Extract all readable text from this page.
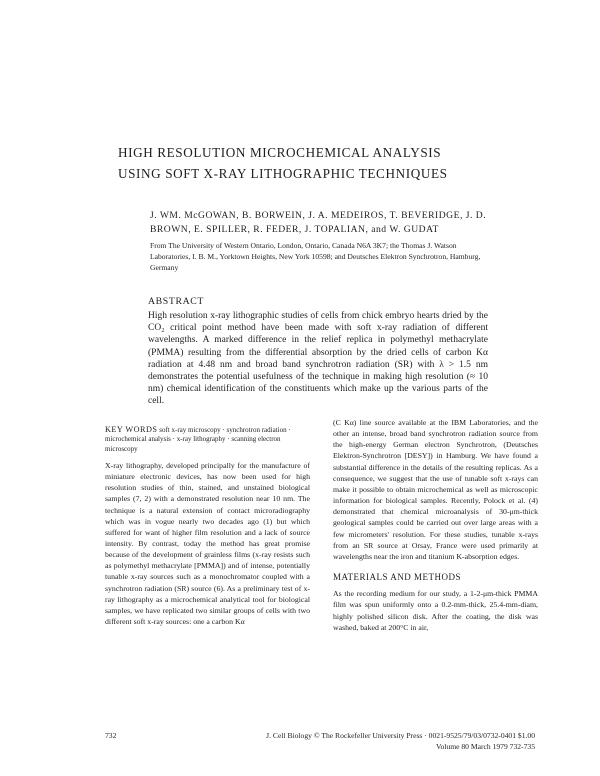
HIGH RESOLUTION MICROCHEMICAL ANALYSIS
USING SOFT X-RAY LITHOGRAPHIC TECHNIQUES
J. WM. McGOWAN, B. BORWEIN, J. A. MEDEIROS, T. BEVERIDGE, J. D. BROWN, E. SPILLER, R. FEDER, J. TOPALIAN, and W. GUDAT
From The University of Western Ontario, London, Ontario, Canada N6A 3K7; the Thomas J. Watson Laboratories, I. B. M., Yorktown Heights, New York 10598; and Deutsches Elektron Synchrotron, Hamburg, Germany
ABSTRACT
High resolution x-ray lithographic studies of cells from chick embryo hearts dried by the CO₂ critical point method have been made with soft x-ray radiation of different wavelengths. A marked difference in the relief replica in polymethyl methacrylate (PMMA) resulting from the differential absorption by the dried cells of carbon Kα radiation at 4.48 nm and broad band synchrotron radiation (SR) with λ > 1.5 nm demonstrates the potential usefulness of the technique in making high resolution (≈ 10 nm) chemical identification of the constituents which make up the various parts of the cell.
KEY WORDS soft x-ray microscopy · synchrotron radiation · microchemical analysis · x-ray lithography · scanning electron microscopy

X-ray lithography, developed principally for the manufacture of miniature electronic devices, has now been used for high resolution studies of thin, stained, and unstained biological samples (7, 2) with a demonstrated resolution near 10 nm. The technique is a natural extension of contact microradiography which was in vogue nearly two decades ago (1) but which suffered for want of higher film resolution and a lack of source intensity. By contrast, today the method has great promise because of the development of grainless films (x-ray resists such as polymethyl methacrylate [PMMA]) and of intense, potentially tunable x-ray sources such as a monochromator coupled with a synchrotron radiation (SR) source (6). As a preliminary test of x-ray lithography as a microchemical analytical tool for biological samples, we have replicated two similar groups of cells with two different soft x-ray sources: one a carbon Kα

(C Kα) line source available at the IBM Laboratories, and the other an intense, broad band synchrotron radiation source from the high-energy German electron Synchrotron, (Deutsches Elektron-Synchrotron [DESY]) in Hamburg. We have found a substantial difference in the details of the resulting replicas. As a consequence, we suggest that the use of tunable soft x-rays can make it possible to obtain microchemical as well as microscopic information for biological samples. Recently, Polock et al. (4) demonstrated that chemical microanalysis of 30-μm-thick geological samples could be carried out over large areas with a few micrometers' resolution. For these studies, tunable x-rays from an SR source at Orsay, France were used primarily at wavelengths near the iron and titanium K-absorption edges.

MATERIALS AND METHODS

As the recording medium for our study, a 1-2-μm-thick PMMA film was spun uniformly onto a 0.2-mm-thick, 25.4-mm-diam, highly polished silicon disk. After the coating, the disk was washed, baked at 200°C in air,

732	J. Cell Biology © The Rockefeller University Press · 0021-9525/79/03/0732-0401 $1.00
Volume 80 March 1979 732-735
